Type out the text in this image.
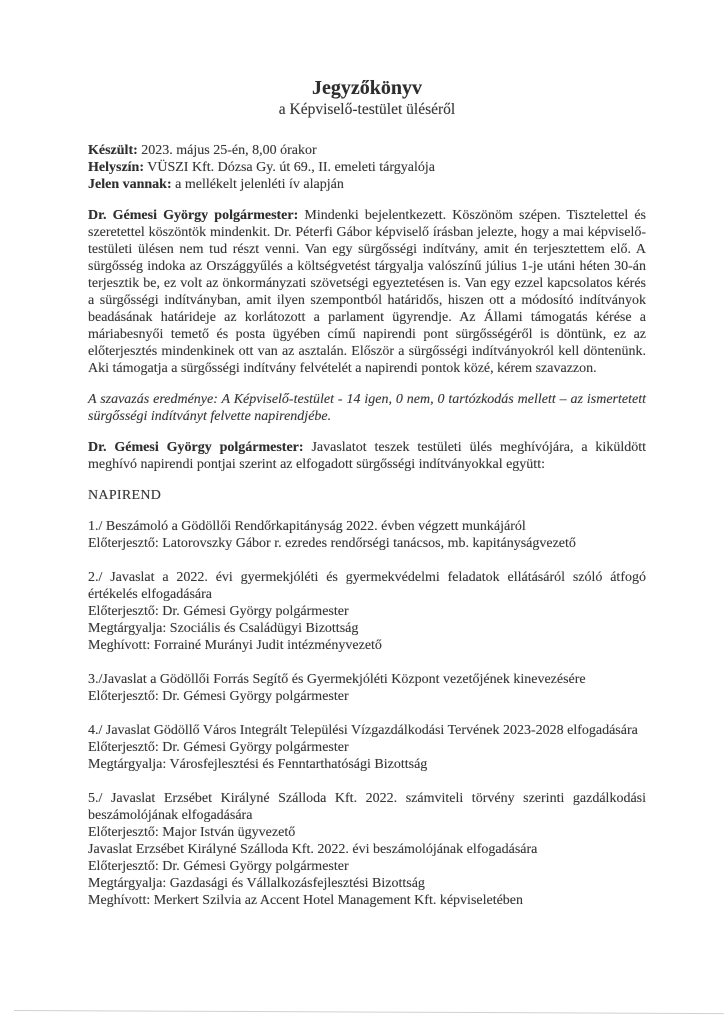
Jegyzőkönyv
a Képviselő-testület üléséről
Készült: 2023. május 25-én, 8,00 órakor
Helyszín: VÜSZI Kft. Dózsa Gy. út 69., II. emeleti tárgyalója
Jelen vannak: a mellékelt jelenléti ív alapján

Dr. Gémesi György polgármester: Mindenki bejelentkezett. Köszönöm szépen. Tisztelettel és szeretettel köszöntök mindenkit. Dr. Péterfi Gábor képviselő írásban jelezte, hogy a mai képviselő-testületi ülésen nem tud részt venni. Van egy sürgősségi indítvány, amit én terjesztettem elő. A sürgősség indoka az Országgyűlés a költségvetést tárgyalja valószínű július 1-je utáni héten 30-án terjesztik be, ez volt az önkormányzati szövetségi egyeztetésen is. Van egy ezzel kapcsolatos kérés a sürgősségi indítványban, amit ilyen szempontból határidős, hiszen ott a módosító indítványok beadásának határideje az korlátozott a parlament ügyrendje. Az Állami támogatás kérése a máriabesnyői temető és posta ügyében című napirendi pont sürgősségéről is döntünk, ez az előterjesztés mindenkinek ott van az asztalán. Először a sürgősségi indítványokról kell döntenünk. Aki támogatja a sürgősségi indítvány felvételét a napirendi pontok közé, kérem szavazzon.

A szavazás eredménye: A Képviselő-testület - 14 igen, 0 nem, 0 tartózkodás mellett – az ismertetett sürgősségi indítványt felvette napirendjébe.

Dr. Gémesi György polgármester: Javaslatot teszek testületi ülés meghívójára, a kiküldött meghívó napirendi pontjai szerint az elfogadott sürgősségi indítványokkal együtt:

NAPIREND
1./ Beszámoló a Gödöllői Rendőrkapitányság 2022. évben végzett munkájáról
Előterjesztő: Latorovszky Gábor r. ezredes rendőrségi tanácsos, mb. kapitányságvezető
2./ Javaslat a 2022. évi gyermekjóléti és gyermekvédelmi feladatok ellátásáról szóló átfogó értékelés elfogadására
Előterjesztő: Dr. Gémesi György polgármester
Megtárgyalja: Szociális és Családügyi Bizottság
Meghívott: Forrainé Murányi Judit intézményvezető
3./Javaslat a Gödöllői Forrás Segítő és Gyermekjóléti Központ vezetőjének kinevezésére
Előterjesztő: Dr. Gémesi György polgármester
4./ Javaslat Gödöllő Város Integrált Települési Vízgazdálkodási Tervének 2023-2028 elfogadására
Előterjesztő: Dr. Gémesi György polgármester
Megtárgyalja: Városfejlesztési és Fenntarthatósági Bizottság
5./ Javaslat Erzsébet Királyné Szálloda Kft. 2022. számviteli törvény szerinti gazdálkodási beszámolójának elfogadására
Előterjesztő: Major István ügyvezető
Javaslat Erzsébet Királyné Szálloda Kft. 2022. évi beszámolójának elfogadására
Előterjesztő: Dr. Gémesi György polgármester
Megtárgyalja: Gazdasági és Vállalkozásfejlesztési Bizottság
Meghívott: Merkert Szilvia az Accent Hotel Management Kft. képviseletében
